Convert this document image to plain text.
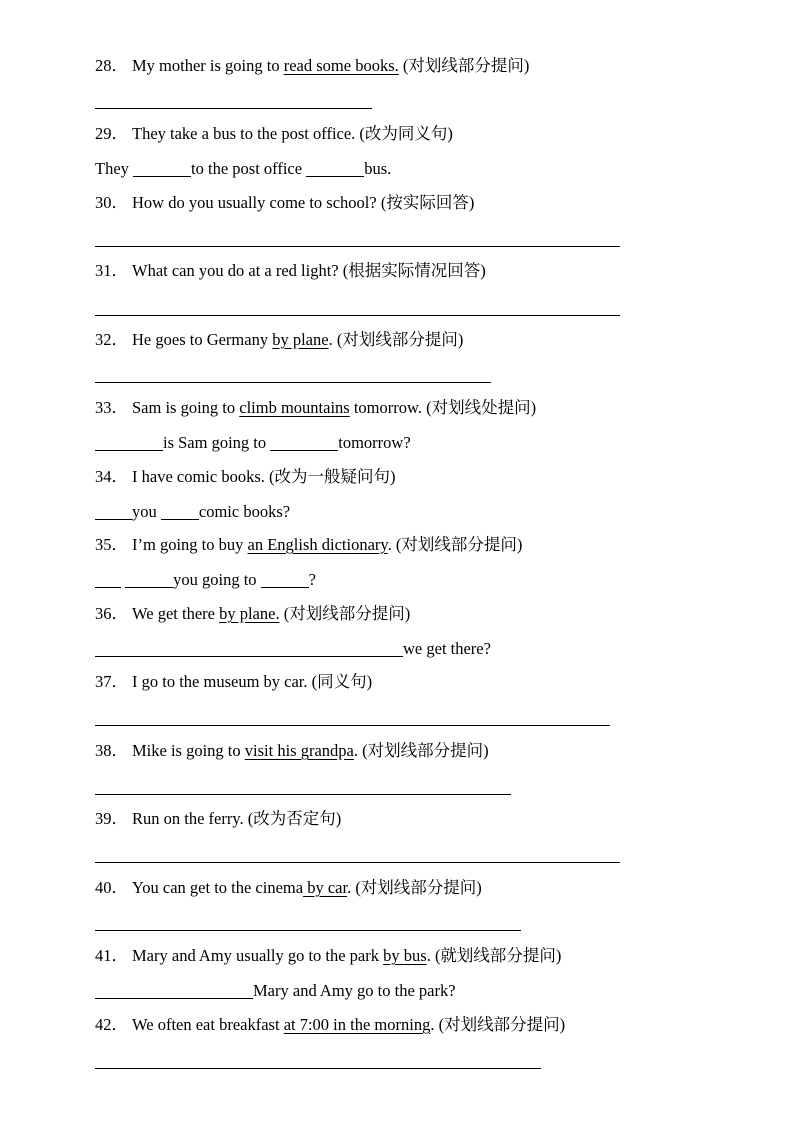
28． My mother is going to read some books. (对划线部分提问)
29． They take a bus to the post office. (改为同义句)
They	to the post office	bus.
30． How do you usually come to school? (按实际回答)
31． What can you do at a red light? (根据实际情况回答)
32． He goes to Germany by plane. (对划线部分提问)
33． Sam is going to climb mountains tomorrow. (对划线处提问)
is Sam going to	tomorrow?
34． I have comic books. (改为一般疑问句)
you comic books?
35． I’m going to buy an English dictionary. (对划线部分提问)
you going to	?
36． We get there by plane. (对划线部分提问)
we get there?
37． I go to the museum by car. (同义句)
38． Mike is going to visit his grandpa. (对划线部分提问)
39． Run on the ferry. (改为否定句)
40． You can get to the cinema by car. (对划线部分提问)
41． Mary and Amy usually go to the park by bus. (就划线部分提问)
Mary and Amy go to the park?
42． We often eat breakfast at 7:00 in the morning. (对划线部分提问)
